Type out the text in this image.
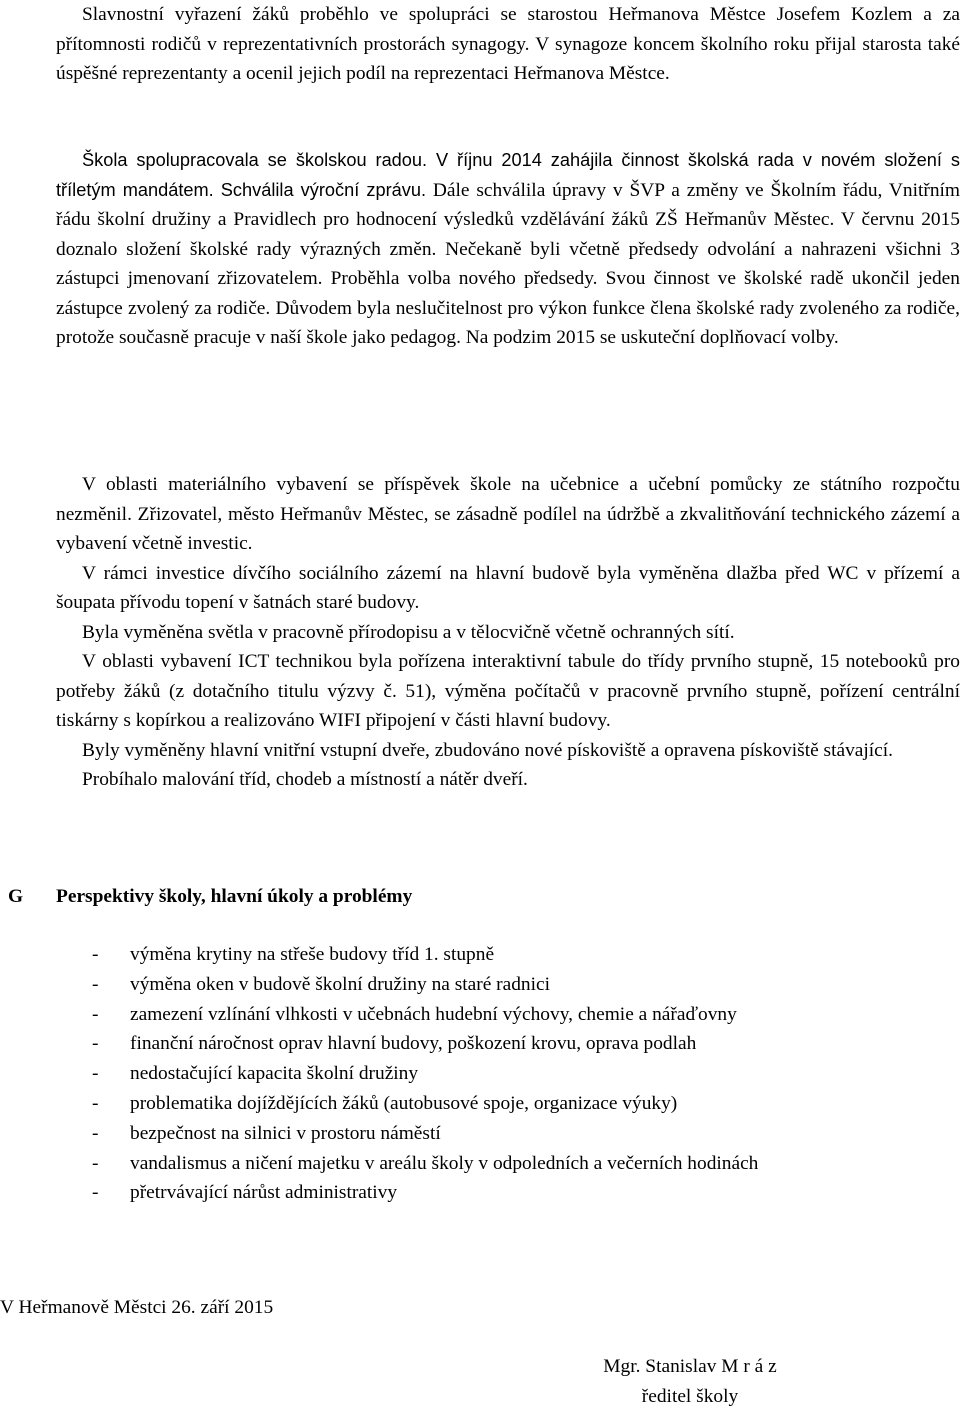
Slavnostní vyřazení žáků proběhlo ve spolupráci se starostou Heřmanova Městce Josefem Kozlem a za přítomnosti rodičů v reprezentativních prostorách synagogy. V synagoze koncem školního roku přijal starosta také úspěšné reprezentanty a ocenil jejich podíl na reprezentaci Heřmanova Městce.

Škola spolupracovala se školskou radou. V říjnu 2014 zahájila činnost školská rada v novém složení s tříletým mandátem. Schválila výroční zprávu. Dále schválila úpravy v ŠVP a změny ve Školním řádu, Vnitřním řádu školní družiny a Pravidlech pro hodnocení výsledků vzdělávání žáků ZŠ Heřmanův Městec. V červnu 2015 doznalo složení školské rady výrazných změn. Nečekaně byli včetně předsedy odvolání a nahrazeni všichni 3 zástupci jmenovaní zřizovatelem. Proběhla volba nového předsedy. Svou činnost ve školské radě ukončil jeden zástupce zvolený za rodiče. Důvodem byla neslučitelnost pro výkon funkce člena školské rady zvoleného za rodiče, protože současně pracuje v naší škole jako pedagog. Na podzim 2015 se uskuteční doplňovací volby.

V oblasti materiálního vybavení se příspěvek škole na učebnice a učební pomůcky ze státního rozpočtu nezměnil. Zřizovatel, město Heřmanův Městec, se zásadně podílel na údržbě a zkvalitňování technického zázemí a vybavení včetně investic.

V rámci investice dívčího sociálního zázemí na hlavní budově byla vyměněna dlažba před WC v přízemí a šoupata přívodu topení v šatnách staré budovy.

Byla vyměněna světla v pracovně přírodopisu a v tělocvičně včetně ochranných sítí.

V oblasti vybavení ICT technikou byla pořízena interaktivní tabule do třídy prvního stupně, 15 notebooků pro potřeby žáků (z dotačního titulu výzvy č. 51), výměna počítačů v pracovně prvního stupně, pořízení centrální tiskárny s kopírkou a realizováno WIFI připojení v části hlavní budovy.

Byly vyměněny hlavní vnitřní vstupní dveře, zbudováno nové pískoviště a opravena pískoviště stávající.

Probíhalo malování tříd, chodeb a místností a nátěr dveří.

G Perspektivy školy, hlavní úkoly a problémy
- výměna krytiny na střeše budovy tříd 1. stupně
- výměna oken v budově školní družiny na staré radnici
- zamezení vzlínání vlhkosti v učebnách hudební výchovy, chemie a nářaďovny
- finanční náročnost oprav hlavní budovy, poškození krovu, oprava podlah
- nedostačující kapacita školní družiny
- problematika dojíždějících žáků (autobusové spoje, organizace výuky)
- bezpečnost na silnici v prostoru náměstí
- vandalismus a ničení majetku v areálu školy v odpoledních a večerních hodinách
- přetrvávající nárůst administrativy
V Heřmanově Městci 26. září 2015
Mgr. Stanislav M r á z
ředitel školy
